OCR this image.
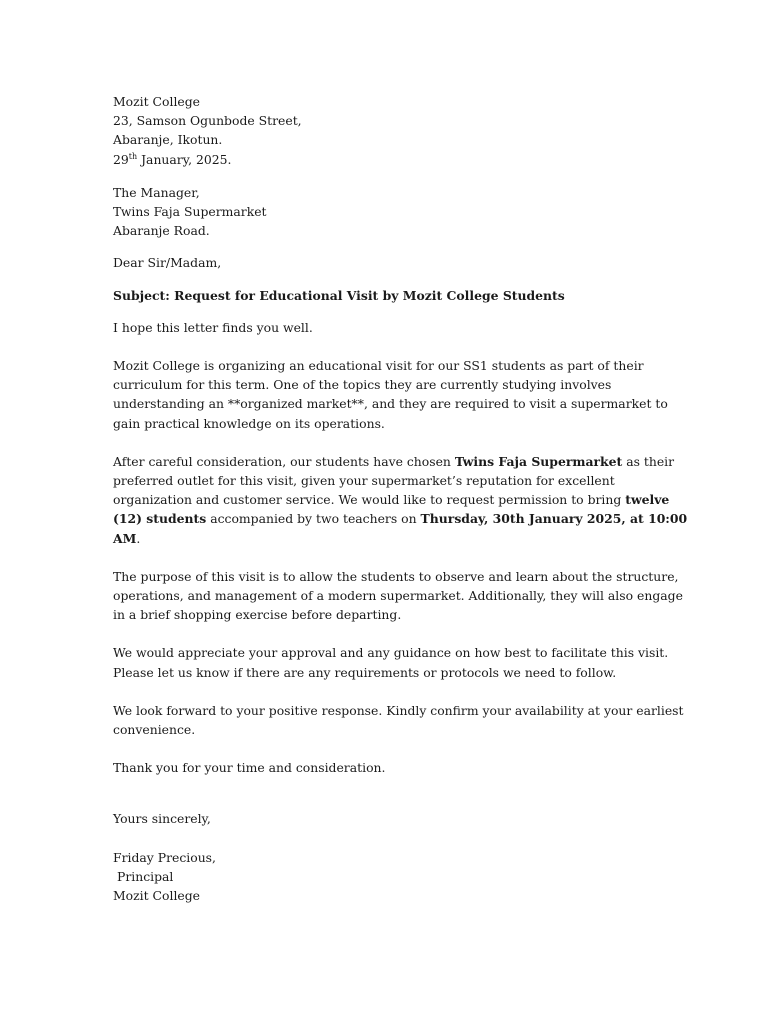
Mozit College
23, Samson Ogunbode Street,
Abaranje, Ikotun.
29th January, 2025.
The Manager,
Twins Faja Supermarket
Abaranje Road.
Dear Sir/Madam,
Subject: Request for Educational Visit by Mozit College Students
I hope this letter finds you well.
Mozit College is organizing an educational visit for our SS1 students as part of their
curriculum for this term. One of the topics they are currently studying involves
understanding an **organized market**, and they are required to visit a supermarket to
gain practical knowledge on its operations.
After careful consideration, our students have chosen Twins Faja Supermarket as their
preferred outlet for this visit, given your supermarket’s reputation for excellent
organization and customer service. We would like to request permission to bring twelve
(12) students accompanied by two teachers on Thursday, 30th January 2025, at 10:00
AM.
The purpose of this visit is to allow the students to observe and learn about the structure,
operations, and management of a modern supermarket. Additionally, they will also engage
in a brief shopping exercise before departing.
We would appreciate your approval and any guidance on how best to facilitate this visit.
Please let us know if there are any requirements or protocols we need to follow.
We look forward to your positive response. Kindly confirm your availability at your earliest
convenience.
Thank you for your time and consideration.
Yours sincerely,
Friday Precious,
Principal
Mozit College
